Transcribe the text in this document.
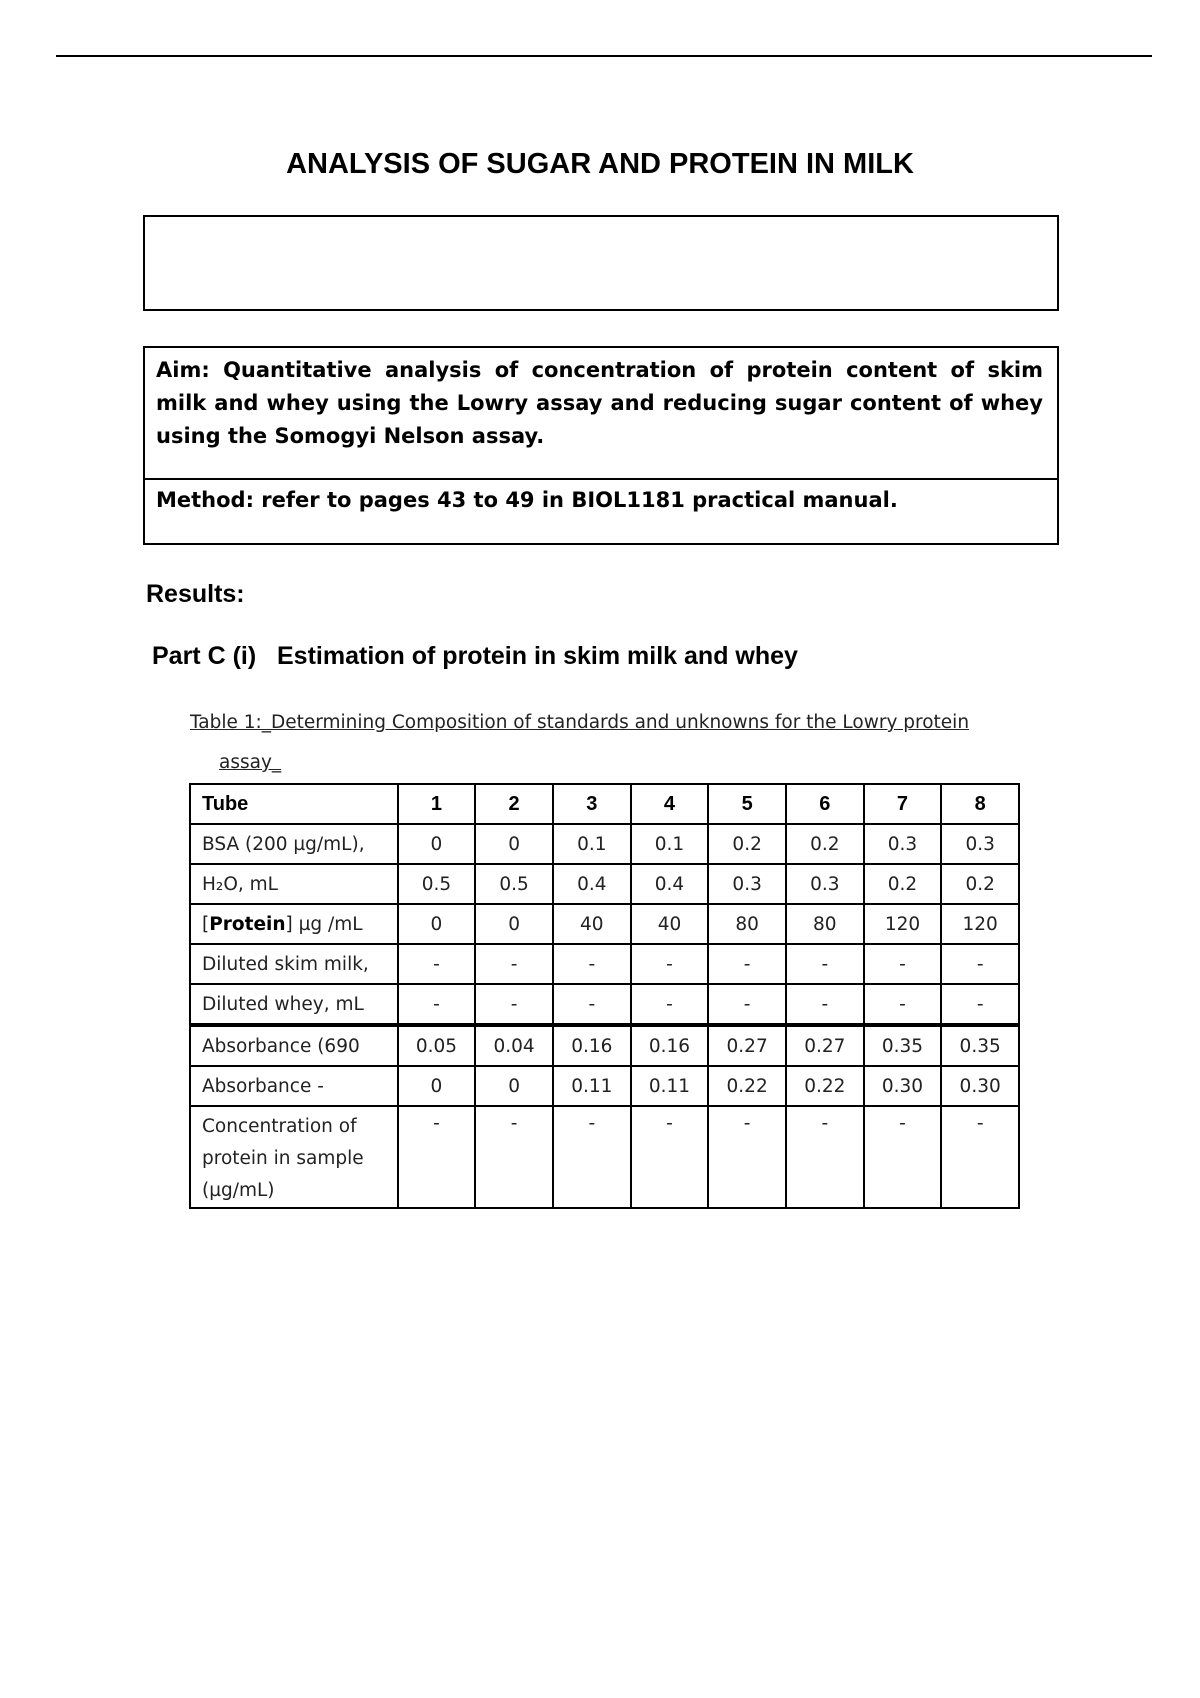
ANALYSIS OF SUGAR AND PROTEIN IN MILK
Aim: Quantitative analysis of concentration of protein content of skim milk and whey using the Lowry assay and reducing sugar content of whey using the Somogyi Nelson assay.
Method: refer to pages 43 to 49 in BIOL1181 practical manual.
Results:
Part C (i)   Estimation of protein in skim milk and whey
Table 1:_Determining Composition of standards and unknowns for the Lowry protein
assay_
Tube	1	2	3	4	5	6	7	8
BSA (200 µg/mL),	0	0	0.1	0.1	0.2	0.2	0.3	0.3
H₂O, mL	0.5	0.5	0.4	0.4	0.3	0.3	0.2	0.2
[Protein] µg /mL	0	0	40	40	80	80	120	120
Diluted skim milk,	-	-	-	-	-	-	-	-
Diluted whey, mL	-	-	-	-	-	-	-	-
Absorbance (690	0.05	0.04	0.16	0.16	0.27	0.27	0.35	0.35
Absorbance -	0	0	0.11	0.11	0.22	0.22	0.30	0.30
Concentration of protein in sample (µg/mL)	-	-	-	-	-	-	-	-
